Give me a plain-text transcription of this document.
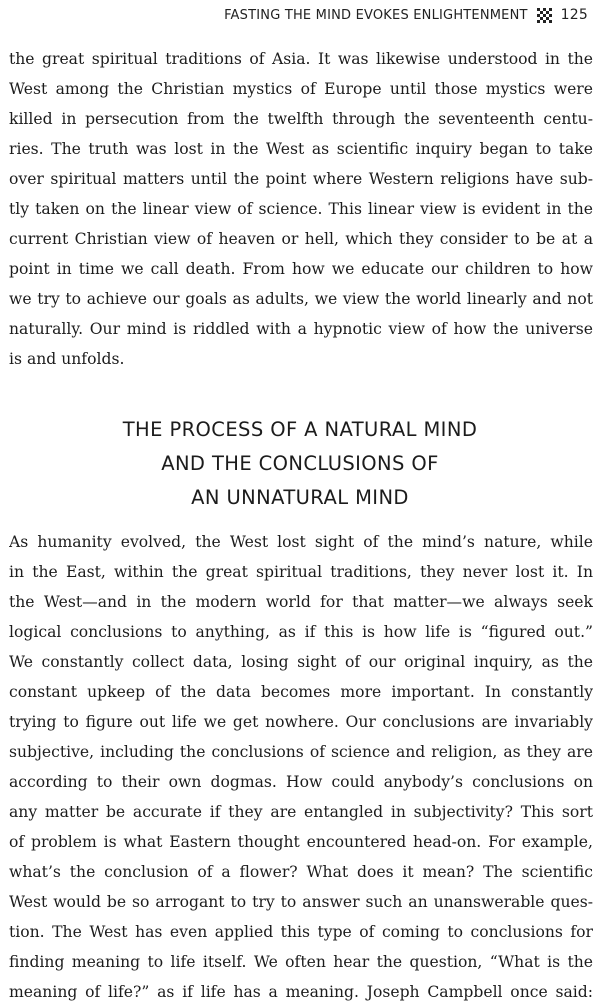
FASTING THE MIND EVOKES ENLIGHTENMENT 125

the great spiritual traditions of Asia. It was likewise understood in the
West among the Christian mystics of Europe until those mystics were
killed in persecution from the twelfth through the seventeenth centu-
ries. The truth was lost in the West as scientific inquiry began to take
over spiritual matters until the point where Western religions have sub-
tly taken on the linear view of science. This linear view is evident in the
current Christian view of heaven or hell, which they consider to be at a
point in time we call death. From how we educate our children to how
we try to achieve our goals as adults, we view the world linearly and not
naturally. Our mind is riddled with a hypnotic view of how the universe
is and unfolds.

THE PROCESS OF A NATURAL MIND
AND THE CONCLUSIONS OF
AN UNNATURAL MIND

As humanity evolved, the West lost sight of the mind’s nature, while
in the East, within the great spiritual traditions, they never lost it. In
the West—and in the modern world for that matter—we always seek
logical conclusions to anything, as if this is how life is “figured out.”
We constantly collect data, losing sight of our original inquiry, as the
constant upkeep of the data becomes more important. In constantly
trying to figure out life we get nowhere. Our conclusions are invariably
subjective, including the conclusions of science and religion, as they are
according to their own dogmas. How could anybody’s conclusions on
any matter be accurate if they are entangled in subjectivity? This sort
of problem is what Eastern thought encountered head-on. For example,
what’s the conclusion of a flower? What does it mean? The scientific
West would be so arrogant to try to answer such an unanswerable ques-
tion. The West has even applied this type of coming to conclusions for
finding meaning to life itself. We often hear the question, “What is the
meaning of life?” as if life has a meaning. Joseph Campbell once said:
